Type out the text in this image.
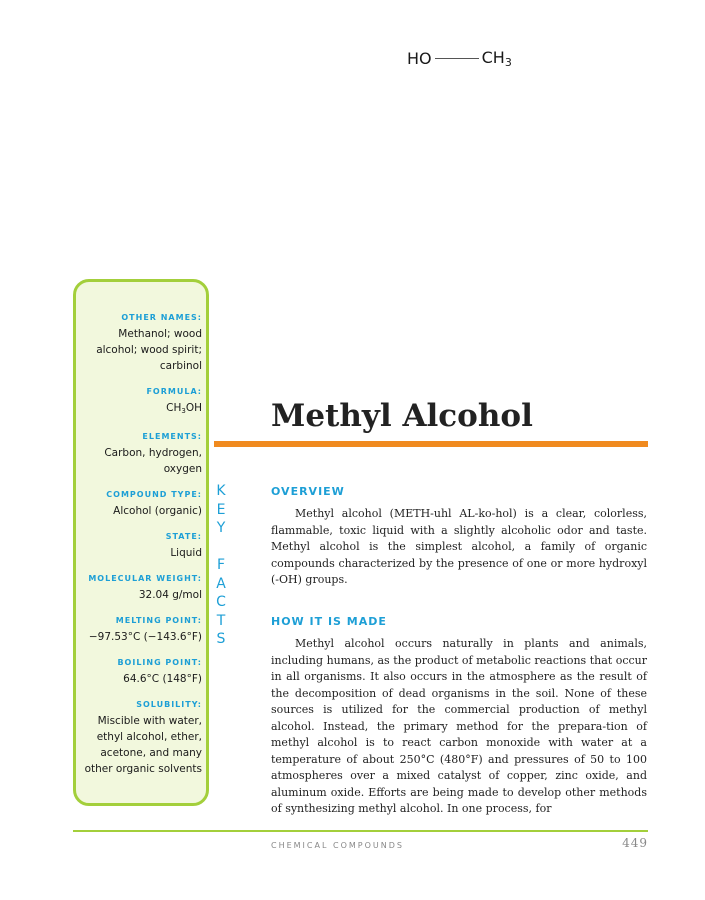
HO	$CH_3$
OTHER NAMES:
Methanol; wood alcohol; wood spirit; carbinol
FORMULA:
$CH_3OH$
ELEMENTS:
Carbon, hydrogen, oxygen
COMPOUND TYPE:
Alcohol (organic)
STATE:
Liquid
MOLECULAR WEIGHT:
32.04 g/mol
MELTING POINT:
−97.53°C (−143.6°F)
BOILING POINT:
64.6°C (148°F)
SOLUBILITY:
Miscible with water, ethyl alcohol, ether, acetone, and many other organic solvents
K
E
Y

F
A
C
T
S
Methyl Alcohol
OVERVIEW

Methyl alcohol (METH-uhl AL-ko-hol) is a clear, colorless, flammable, toxic liquid with a slightly alcoholic odor and taste. Methyl alcohol is the simplest alcohol, a family of organic compounds characterized by the presence of one or more hydroxyl (-OH) groups.

HOW IT IS MADE

Methyl alcohol occurs naturally in plants and animals, including humans, as the product of metabolic reactions that occur in all organisms. It also occurs in the atmosphere as the result of the decomposition of dead organisms in the soil. None of these sources is utilized for the commercial production of methyl alcohol. Instead, the primary method for the prepara-tion of methyl alcohol is to react carbon monoxide with water at a temperature of about 250°C (480°F) and pressures of 50 to 100 atmospheres over a mixed catalyst of copper, zinc oxide, and aluminum oxide. Efforts are being made to develop other methods of synthesizing methyl alcohol. In one process, for

CHEMICAL COMPOUNDS	449
